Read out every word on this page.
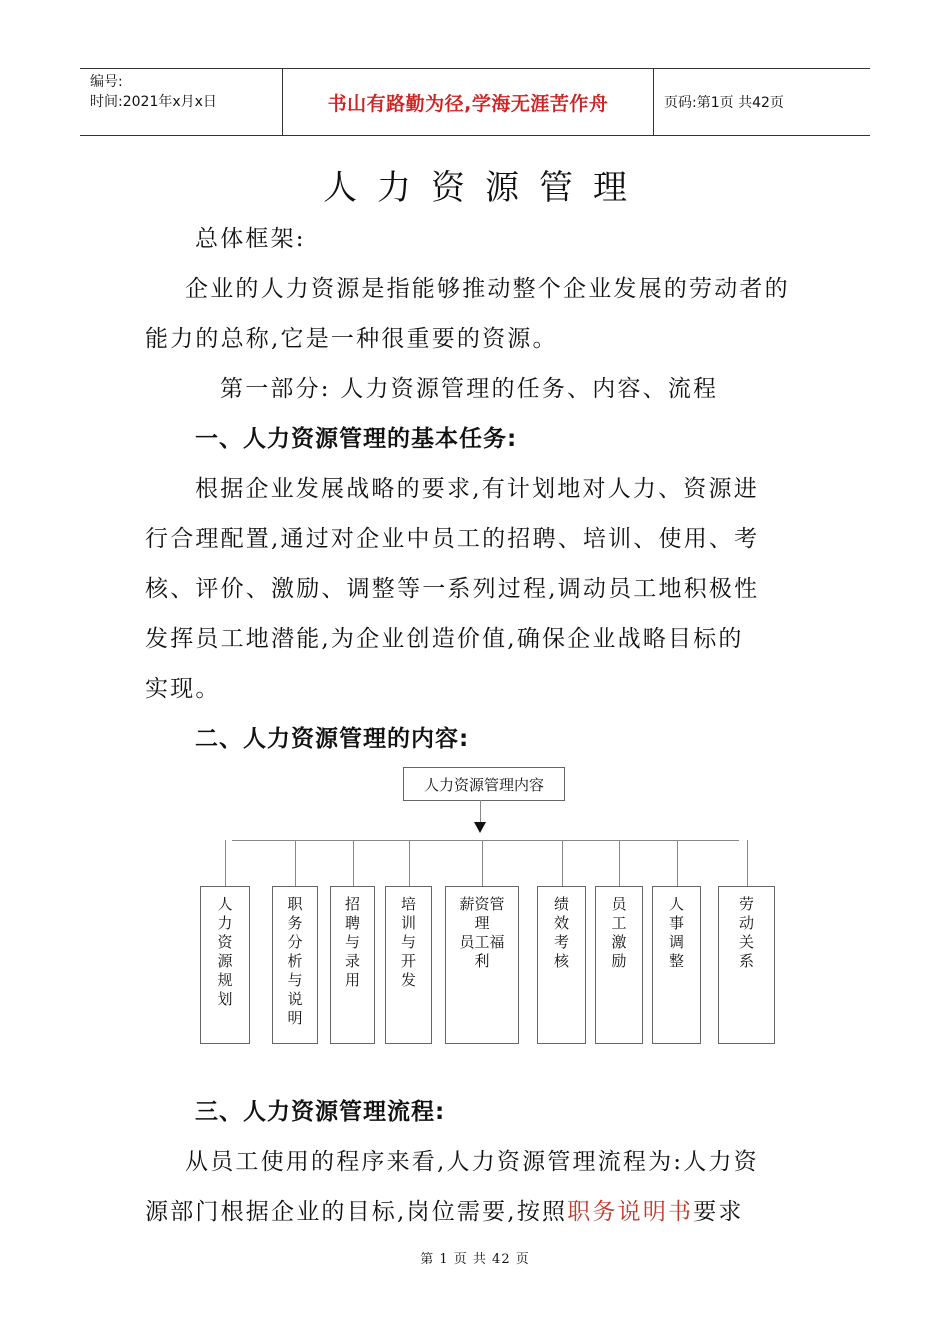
编号:
时间:2021年x月x日	书山有路勤为径,学海无涯苦作舟	页码:第1页 共42页
人力资源管理
总体框架:
企业的人力资源是指能够推动整个企业发展的劳动者的
能力的总称,它是一种很重要的资源。
第一部分: 人力资源管理的任务、内容、流程
一、人力资源管理的基本任务:
根据企业发展战略的要求,有计划地对人力、资源进
行合理配置,通过对企业中员工的招聘、培训、使用、考
核、评价、激励、调整等一系列过程,调动员工地积极性
发挥员工地潜能,为企业创造价值,确保企业战略目标的
实现。
二、人力资源管理的内容:
人力资源管理内容
人
力
资
源
规
划
职
务
分
析
与
说
明
招
聘
与
录
用
培
训
与
开
发
薪资管
理
员工福
利
绩
效
考
核
员
工
激
励
人
事
调
整
劳
动
关
系
三、人力资源管理流程:
从员工使用的程序来看,人力资源管理流程为:人力资
源部门根据企业的目标,岗位需要,按照职务说明书要求
第 1 页 共 42 页
